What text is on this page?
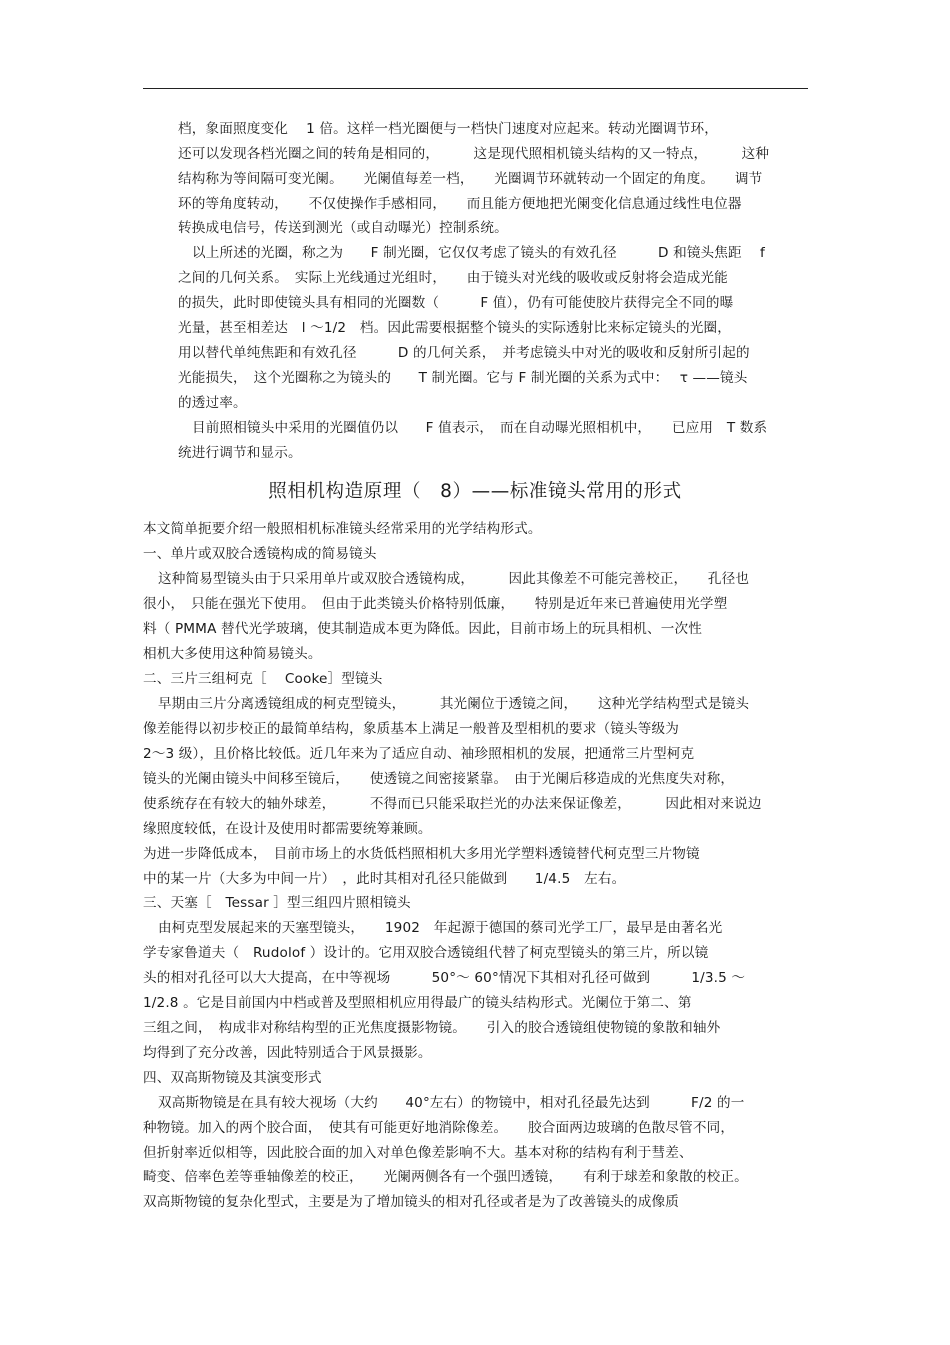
档，象面照度变化　 1 倍。这样一档光圈便与一档快门速度对应起来。转动光圈调节环，
还可以发现各档光圈之间的转角是相同的，　　　这是现代照相机镜头结构的又一特点，　　　这种
结构称为等间隔可变光阑。　　光阑值每差一档，　　光圈调节环就转动一个固定的角度。　　调节
环的等角度转动，　　不仅使操作手感相同，　　而且能方便地把光阑变化信息通过线性电位器
转换成电信号，传送到测光（或自动曝光）控制系统。
以上所述的光圈，称之为　　F 制光圈，它仅仅考虑了镜头的有效孔径　　　D 和镜头焦距　 f
之间的几何关系。　实际上光线通过光组时，　　由于镜头对光线的吸收或反射将会造成光能
的损失，此时即使镜头具有相同的光圈数（　　　F 值），仍有可能使胶片获得完全不同的曝
光量，甚至相差达　l ～1/2　档。因此需要根据整个镜头的实际透射比来标定镜头的光圈，
用以替代单纯焦距和有效孔径　　　D 的几何关系，　并考虑镜头中对光的吸收和反射所引起的
光能损失，　这个光圈称之为镜头的　　T 制光圈。它与 F 制光圈的关系为式中：　 τ ——镜头
的透过率。
目前照相镜头中采用的光圈值仍以　　F 值表示，　而在自动曝光照相机中，　　已应用　T 数系
统进行调节和显示。
照相机构造原理（　8）——标准镜头常用的形式
本文简单扼要介绍一般照相机标准镜头经常采用的光学结构形式。
一、单片或双胶合透镜构成的简易镜头
这种简易型镜头由于只采用单片或双胶合透镜构成，　　　因此其像差不可能完善校正，　　孔径也
很小，　只能在强光下使用。　但由于此类镜头价格特别低廉，　　特别是近年来已普遍使用光学塑
料（ PMMA 替代光学玻璃，使其制造成本更为降低。因此，目前市场上的玩具相机、一次性
相机大多使用这种简易镜头。
二、三片三组柯克［　 Cooke］型镜头
早期由三片分离透镜组成的柯克型镜头，　　　其光阑位于透镜之间，　　这种光学结构型式是镜头
像差能得以初步校正的最简单结构，象质基本上满足一般普及型相机的要求（镜头等级为
2～3 级），且价格比较低。近几年来为了适应自动、袖珍照相机的发展，把通常三片型柯克
镜头的光阑由镜头中间移至镜后，　　使透镜之间密接紧靠。　由于光阑后移造成的光焦度失对称，
使系统存在有较大的轴外球差，　　　不得而已只能采取拦光的办法来保证像差，　　　因此相对来说边
缘照度较低，在设计及使用时都需要统筹兼顾。
为进一步降低成本，　目前市场上的水货低档照相机大多用光学塑料透镜替代柯克型三片物镜
中的某一片（大多为中间一片）　，此时其相对孔径只能做到　　1/4.5　左右。
三、天塞［　Tessar ］型三组四片照相镜头
由柯克型发展起来的天塞型镜头，　　1902　年起源于德国的蔡司光学工厂，最早是由著名光
学专家鲁道夫（　Rudolof ）设计的。它用双胶合透镜组代替了柯克型镜头的第三片，所以镜
头的相对孔径可以大大提高，在中等视场　　　50°～ 60°情况下其相对孔径可做到　　　1/3.5 ～
1/2.8 。它是目前国内中档或普及型照相机应用得最广的镜头结构形式。光阑位于第二、第
三组之间，　构成非对称结构型的正光焦度摄影物镜。　　引入的胶合透镜组使物镜的象散和轴外
均得到了充分改善，因此特别适合于风景摄影。
四、双高斯物镜及其演变形式
双高斯物镜是在具有较大视场（大约　　40°左右）的物镜中，相对孔径最先达到　　　F/2 的一
种物镜。加入的两个胶合面，　使其有可能更好地消除像差。　　胶合面两边玻璃的色散尽管不同，
但折射率近似相等，因此胶合面的加入对单色像差影响不大。基本对称的结构有利于彗差、
畸变、倍率色差等垂轴像差的校正，　　光阑两侧各有一个强凹透镜，　　有利于球差和象散的校正。
双高斯物镜的复杂化型式，主要是为了增加镜头的相对孔径或者是为了改善镜头的成像质
